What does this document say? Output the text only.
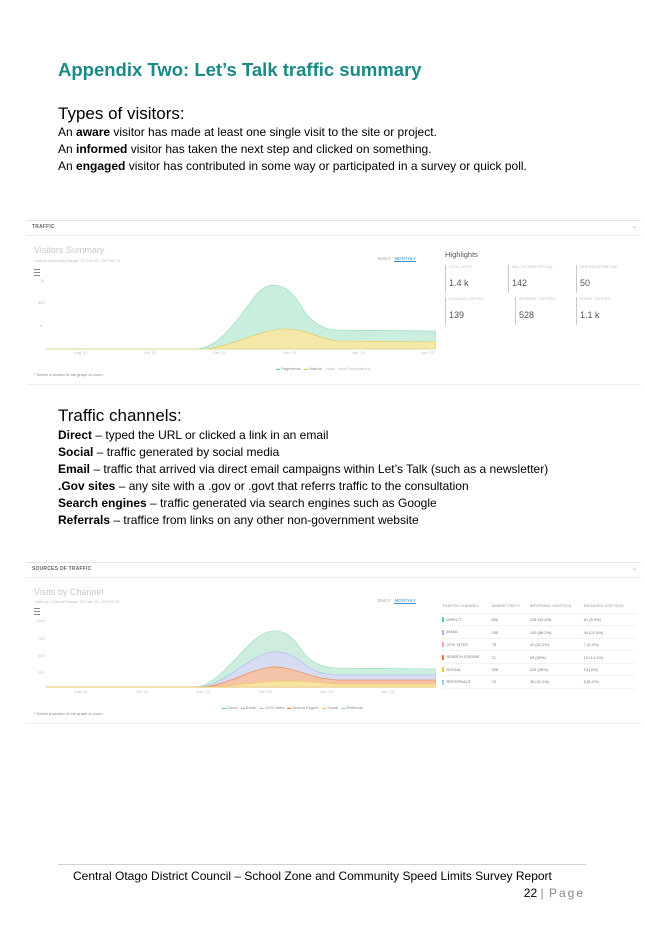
Appendix Two: Let’s Talk traffic summary
Types of visitors:
An aware visitor has made at least one single visit to the site or project.
An informed visitor has taken the next step and clicked on something.
An engaged visitor has contributed in some way or participated in a survey or quick poll.
TRAFFIC	⌄
Visitors Summary
Visitors Summary Range: 01 Feb 22 - 02 Feb 23	DAILY MONTHLY
1k
500
0
Aug '22	Oct '22	Dec '22	Feb '23	Apr '23	Jun '23
▬ Pageviews ▬ Visitors Visits New Registrations
* Select a section of the graph to zoom
Highlights
TOTAL VISITS
1.4 k
MAX VISITORS PER DAY
142
NEW REGISTRATIONS
50
ENGAGED VISITORS
139
INFORMED VISITORS
528
AWARE VISITORS
1.1 k
Traffic channels:
Direct – typed the URL or clicked a link in an email
Social – traffic generated by social media
Email – traffic that arrived via direct email campaigns within Let’s Talk (such as a newsletter)
.Gov sites – any site with a .gov or .govt that referrs traffic to the consultation
Search engines – traffic generated via search engines such as Google
Referrals – traffice from links on any other non-government website
SOURCES OF TRAFFIC	⌄
Visits by Channel
Visits by Channel Range: 01 Feb 22 - 02 Feb 23	DAILY MONTHLY
1000
750
500
250
Aug '21	Oct '22	Dec '22	Feb '23	Apr '23	Jun '23
▬ Direct ▬ Email ▬ .GOV sites ▬ Search Engine ▬ Social ▬ Referrals
* Select a section of the graph to zoom
TRAFFIC CHANNEL	AWARE VISITS	INFORMED VISITS(%)	ENGAGED VISITS(%)
DIRECT	690	226 (33.4%)	61 (8.9%)
EMAIL	205	140 (68.2%)	44 (21.5%)
GOV SITES	75	42 (51.2%)	7 (9.4%)
SEARCH ENGINE	71	49 (69%)	10 (14.1%)
SOCIAL	326	124 (38%)	13 (4%)
REFERRALS	73	30 (41.1%)	6 (8.2%)
Central Otago District Council – School Zone and Community Speed Limits Survey Report
22 | Page
